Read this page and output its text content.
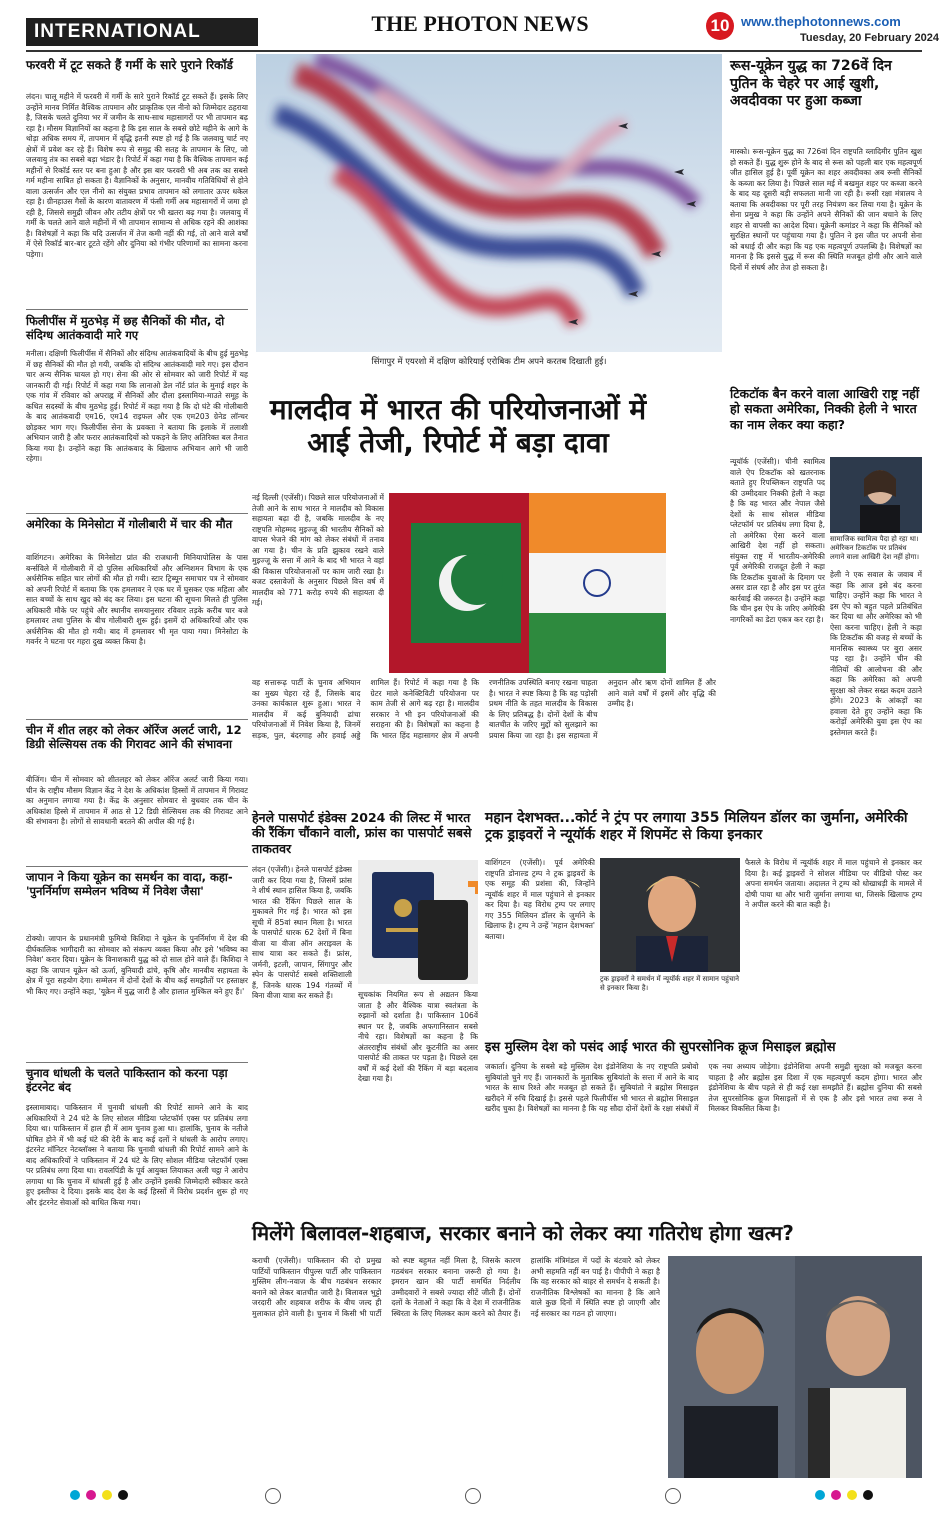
INTERNATIONAL	THE PHOTON NEWS	10 www.thephotonnews.com
Tuesday, 20 February 2024
फरवरी में टूट सकते हैं गर्मी के सारे पुराने रिकॉर्ड
लंदन। चालू महीने में फरवरी में गर्मी के सारे पुराने रिकॉर्ड टूट सकते हैं। इसके लिए उन्होंने मानव निर्मित वैश्विक तापमान और प्राकृतिक एल नीनो को जिम्मेदार ठहराया है, जिसके चलते दुनिया भर में जमीन के साथ-साथ महासागरों पर भी तापमान बढ़ रहा है। मौसम विज्ञानियों का कहना है कि इस साल के सबसे छोटे महीने के आगे के थोड़ा अधिक समय में, तापमान में वृद्धि इतनी स्पष्ट हो गई है कि जलवायु चार्ट नए क्षेत्रों में प्रवेश कर रहे हैं। विशेष रूप से समुद्र की सतह के तापमान के लिए, जो जलवायु तंत्र का सबसे बड़ा भंडार है। रिपोर्ट में कहा गया है कि वैश्विक तापमान कई महीनों से रिकॉर्ड स्तर पर बना हुआ है और इस बार फरवरी भी अब तक का सबसे गर्म महीना साबित हो सकता है। वैज्ञानिकों के अनुसार, मानवीय गतिविधियों से होने वाला उत्सर्जन और एल नीनो का संयुक्त प्रभाव तापमान को लगातार ऊपर धकेल रहा है। ग्रीनहाउस गैसों के कारण वातावरण में फंसी गर्मी अब महासागरों में जमा हो रही है, जिससे समुद्री जीवन और तटीय क्षेत्रों पर भी खतरा बढ़ गया है। जलवायु में गर्मी के चलते आने वाले महीनों में भी तापमान सामान्य से अधिक रहने की आशंका है। विशेषज्ञों ने कहा कि यदि उत्सर्जन में तेज कमी नहीं की गई, तो आने वाले वर्षों में ऐसे रिकॉर्ड बार-बार टूटते रहेंगे और दुनिया को गंभीर परिणामों का सामना करना पड़ेगा।
फिलीपींस में मुठभेड़ में छह सैनिकों की मौत, दो संदिग्ध आतंकवादी मारे गए
मनीला। दक्षिणी फिलीपींस में सैनिकों और संदिग्ध आतंकवादियों के बीच हुई मुठभेड़ में छह सैनिकों की मौत हो गयी, जबकि दो संदिग्ध आतंकवादी मारे गए। इस दौरान चार अन्य सैनिक घायल हो गए। सेना की ओर से सोमवार को जारी रिपोर्ट में यह जानकारी दी गई। रिपोर्ट में कहा गया कि लानाओ डेल नॉर्ट प्रांत के मुनाई शहर के एक गांव में रविवार को अपराह्न में सैनिकों और दौला इस्लामिया-माउते समूह के कथित सदस्यों के बीच मुठभेड़ हुई। रिपोर्ट में कहा गया है कि दो घंटे की गोलीबारी के बाद आतंकवादी एम16, एम14 राइफल और एक एम203 ग्रेनेड लॉन्चर छोड़कर भाग गए। फिलीपींस सेना के प्रवक्ता ने बताया कि इलाके में तलाशी अभियान जारी है और फरार आतंकवादियों को पकड़ने के लिए अतिरिक्त बल तैनात किया गया है। उन्होंने कहा कि आतंकवाद के खिलाफ अभियान आगे भी जारी रहेगा।
अमेरिका के मिनेसोटा में गोलीबारी में चार की मौत
वाशिंगटन। अमेरिका के मिनेसोटा प्रांत की राजधानी मिनियापोलिस के पास बर्न्सविले में गोलीबारी में दो पुलिस अधिकारियों और अग्निशमन विभाग के एक अर्धसैनिक सहित चार लोगों की मौत हो गयी। स्टार ट्रिब्यून समाचार पत्र ने सोमवार को अपनी रिपोर्ट में बताया कि एक हमलावर ने एक घर में घुसकर एक महिला और सात बच्चों के साथ खुद को बंद कर लिया। इस घटना की सूचना मिलते ही पुलिस अधिकारी मौके पर पहुंचे और स्थानीय समयानुसार रविवार तड़के करीब चार बजे हमलावर तथा पुलिस के बीच गोलीबारी शुरू हुई। इसमें दो अधिकारियों और एक अर्धसैनिक की मौत हो गयी। बाद में हमलावर भी मृत पाया गया। मिनेसोटा के गवर्नर ने घटना पर गहरा दुख व्यक्त किया है।
चीन में शीत लहर को लेकर ऑरेंज अलर्ट जारी, 12 डिग्री सेल्सियस तक की गिरावट आने की संभावना
बीजिंग। चीन में सोमवार को शीतलहर को लेकर ऑरेंज अलर्ट जारी किया गया। चीन के राष्ट्रीय मौसम विज्ञान केंद्र ने देश के अधिकांश हिस्सों में तापमान में गिरावट का अनुमान लगाया गया है। केंद्र के अनुसार सोमवार से बुधवार तक चीन के अधिकांश हिस्से में तापमान में आठ से 12 डिग्री सेल्सियस तक की गिरावट आने की संभावना है। लोगों से सावधानी बरतने की अपील की गई है।
जापान ने किया यूक्रेन का समर्थन का वादा, कहा- 'पुनर्निर्माण सम्मेलन भविष्य में निवेश जैसा'
टोक्यो। जापान के प्रधानमंत्री फुमियो किशिदा ने यूक्रेन के पुनर्निर्माण में देश की दीर्घकालिक भागीदारी का सोमवार को संकल्प व्यक्त किया और इसे 'भविष्य का निवेश' करार दिया। यूक्रेन के विनाशकारी युद्ध को दो साल होने वाले हैं। किशिदा ने कहा कि जापान यूक्रेन को ऊर्जा, बुनियादी ढांचे, कृषि और मानवीय सहायता के क्षेत्र में पूरा सहयोग देगा। सम्मेलन में दोनों देशों के बीच कई समझौतों पर हस्ताक्षर भी किए गए। उन्होंने कहा, 'यूक्रेन में युद्ध जारी है और हालात मुश्किल बने हुए हैं।'
चुनाव धांधली के चलते पाकिस्तान को करना पड़ा इंटरनेट बंद
इस्लामाबाद। पाकिस्तान में चुनावी धांधली की रिपोर्ट सामने आने के बाद अधिकारियों ने 24 घंटे के लिए सोशल मीडिया प्लेटफॉर्म एक्स पर प्रतिबंध लगा दिया था। पाकिस्तान में हाल ही में आम चुनाव हुआ था। हालांकि, चुनाव के नतीजे घोषित होने में भी कई घंटे की देरी के बाद कई दलों ने धांधली के आरोप लगाए। इंटरनेट मॉनिटर नेटब्लॉक्स ने बताया कि चुनावी धांधली की रिपोर्ट सामने आने के बाद अधिकारियों ने पाकिस्तान में 24 घंटे के लिए सोशल मीडिया प्लेटफॉर्म एक्स पर प्रतिबंध लगा दिया था। रावलपिंडी के पूर्व आयुक्त लियाकत अली चट्ठा ने आरोप लगाया था कि चुनाव में धांधली हुई है और उन्होंने इसकी जिम्मेदारी स्वीकार करते हुए इस्तीफा दे दिया। इसके बाद देश के कई हिस्सों में विरोध प्रदर्शन शुरू हो गए और इंटरनेट सेवाओं को बाधित किया गया।
सिंगापुर में एयरशो में दक्षिण कोरियाई एरोबिक टीम अपने करतब दिखाती हुई।
रूस-यूक्रेन युद्ध का 726वें दिन पुतिन के चेहरे पर आई खुशी, अवदीवका पर हुआ कब्जा
मास्को। रूस-यूक्रेन युद्ध का 726वां दिन राष्ट्रपति व्लादिमीर पुतिन खुश हो सकते हैं। युद्ध शुरू होने के बाद से रूस को पहली बार एक महत्वपूर्ण जीत हासिल हुई है। पूर्वी यूक्रेन का शहर अवदीवका अब रूसी सैनिकों के कब्जा कर लिया है। पिछले साल मई में बखमुत शहर पर कब्जा करने के बाद यह दूसरी बड़ी सफलता मानी जा रही है। रूसी रक्षा मंत्रालय ने बताया कि अवदीवका पर पूरी तरह नियंत्रण कर लिया गया है। यूक्रेन के सेना प्रमुख ने कहा कि उन्होंने अपने सैनिकों की जान बचाने के लिए शहर से वापसी का आदेश दिया। यूक्रेनी कमांडर ने कहा कि सैनिकों को सुरक्षित स्थानों पर पहुंचाया गया है। पुतिन ने इस जीत पर अपनी सेना को बधाई दी और कहा कि यह एक महत्वपूर्ण उपलब्धि है। विशेषज्ञों का मानना है कि इससे युद्ध में रूस की स्थिति मजबूत होगी और आने वाले दिनों में संघर्ष और तेज हो सकता है।
मालदीव में भारत की परियोजनाओं में आई तेजी, रिपोर्ट में बड़ा दावा
नई दिल्ली (एजेंसी)। पिछले साल परियोजनाओं में तेजी आने के साथ भारत ने मालदीव को विकास सहायता बढ़ा दी है, जबकि मालदीव के नए राष्ट्रपति मोहम्मद मुइज्जू की भारतीय सैनिकों को वापस भेजने की मांग को लेकर संबंधों में तनाव आ गया है। चीन के प्रति झुकाव रखने वाले मुइज्जू के सत्ता में आने के बाद भी भारत ने वहां की विकास परियोजनाओं पर काम जारी रखा है। बजट दस्तावेजों के अनुसार पिछले वित्त वर्ष में मालदीव को 771 करोड़ रुपये की सहायता दी गई।
वह सत्तारूढ़ पार्टी के चुनाव अभियान का मुख्य चेहरा रहे हैं, जिसके बाद उनका कार्यकाल शुरू हुआ। भारत ने मालदीव में कई बुनियादी ढांचा परियोजनाओं में निवेश किया है, जिनमें सड़क, पुल, बंदरगाह और हवाई अड्डे शामिल हैं। रिपोर्ट में कहा गया है कि ग्रेटर माले कनेक्टिविटी परियोजना पर काम तेजी से आगे बढ़ रहा है। मालदीव सरकार ने भी इन परियोजनाओं की सराहना की है। विशेषज्ञों का कहना है कि भारत हिंद महासागर क्षेत्र में अपनी रणनीतिक उपस्थिति बनाए रखना चाहता है। भारत ने स्पष्ट किया है कि वह पड़ोसी प्रथम नीति के तहत मालदीव के विकास के लिए प्रतिबद्ध है। दोनों देशों के बीच बातचीत के जरिए मुद्दों को सुलझाने का प्रयास किया जा रहा है। इस सहायता में अनुदान और ऋण दोनों शामिल हैं और आने वाले वर्षों में इसमें और वृद्धि की उम्मीद है।
टिकटॉक बैन करने वाला आखिरी राष्ट्र नहीं हो सकता अमेरिका, निक्की हेली ने भारत का नाम लेकर क्या कहा?
न्यूयॉर्क (एजेंसी)। चीनी स्वामित्व वाले ऐप टिकटॉक को खतरनाक बताते हुए रिपब्लिकन राष्ट्रपति पद की उम्मीदवार निक्की हेली ने कहा है कि वह भारत और नेपाल जैसे देशों के साथ सोशल मीडिया प्लेटफॉर्म पर प्रतिबंध लगा दिया है, तो अमेरिका ऐसा करने वाला आखिरी देश नहीं हो सकता। संयुक्त राष्ट्र में भारतीय-अमेरिकी पूर्व अमेरिकी राजदूत हेली ने कहा कि टिकटॉक युवाओं के दिमाग पर असर डाल रहा है और इस पर तुरंत कार्रवाई की जरूरत है। उन्होंने कहा कि चीन इस ऐप के जरिए अमेरिकी नागरिकों का डेटा एकत्र कर रहा है।
सामाजिक स्वामित्व पैदा हो रहा था। अमेरिकन टिकटॉक पर प्रतिबंध लगाने वाला आखिरी देश नहीं होगा।
हेली ने एक सवाल के जवाब में कहा कि आज इसे बंद करना चाहिए। उन्होंने कहा कि भारत ने इस ऐप को बहुत पहले प्रतिबंधित कर दिया था और अमेरिका को भी ऐसा करना चाहिए। हेली ने कहा कि टिकटॉक की वजह से बच्चों के मानसिक स्वास्थ्य पर बुरा असर पड़ रहा है। उन्होंने चीन की नीतियों की आलोचना की और कहा कि अमेरिका को अपनी सुरक्षा को लेकर सख्त कदम उठाने होंगे। 2023 के आंकड़ों का हवाला देते हुए उन्होंने कहा कि करोड़ों अमेरिकी युवा इस ऐप का इस्तेमाल करते हैं।
हेनले पासपोर्ट इंडेक्स 2024 की लिस्ट में भारत की रैंकिंग चौंकाने वाली, फ्रांस का पासपोर्ट सबसे ताकतवर
लंदन (एजेंसी)। हेनले पासपोर्ट इंडेक्स जारी कर दिया गया है, जिसमें फ्रांस ने शीर्ष स्थान हासिल किया है, जबकि भारत की रैंकिंग पिछले साल के मुकाबले गिर गई है। भारत को इस सूची में 85वां स्थान मिला है। भारत के पासपोर्ट धारक 62 देशों में बिना वीजा या वीजा ऑन अराइवल के साथ यात्रा कर सकते हैं। फ्रांस, जर्मनी, इटली, जापान, सिंगापुर और स्पेन के पासपोर्ट सबसे शक्तिशाली हैं, जिनके धारक 194 गंतव्यों में बिना वीजा यात्रा कर सकते हैं।	सूचकांक नियमित रूप से अद्यतन किया जाता है और वैश्विक यात्रा स्वतंत्रता के रुझानों को दर्शाता है। पाकिस्तान 106वें स्थान पर है, जबकि अफगानिस्तान सबसे नीचे रहा। विशेषज्ञों का कहना है कि अंतरराष्ट्रीय संबंधों और कूटनीति का असर पासपोर्ट की ताकत पर पड़ता है। पिछले दस वर्षों में कई देशों की रैंकिंग में बड़ा बदलाव देखा गया है।
महान देशभक्त...कोर्ट ने ट्रंप पर लगाया 355 मिलियन डॉलर का जुर्माना, अमेरिकी ट्रक ड्राइवरों ने न्यूयॉर्क शहर में शिपमेंट से किया इनकार
वाशिंगटन (एजेंसी)। पूर्व अमेरिकी राष्ट्रपति डोनाल्ड ट्रम्प ने ट्रक ड्राइवरों के एक समूह की प्रशंसा की, जिन्होंने न्यूयॉर्क शहर में माल पहुंचाने से इनकार कर दिया है। यह विरोध ट्रम्प पर लगाए गए 355 मिलियन डॉलर के जुर्माने के खिलाफ है। ट्रम्प ने उन्हें 'महान देशभक्त' बताया।
ट्रक ड्राइवरों ने समर्थन में न्यूयॉर्क शहर में सामान पहुंचाने से इनकार किया है।
फैसले के विरोध में न्यूयॉर्क शहर में माल पहुंचाने से इनकार कर दिया है। कई ड्राइवरों ने सोशल मीडिया पर वीडियो पोस्ट कर अपना समर्थन जताया। अदालत ने ट्रम्प को धोखाधड़ी के मामले में दोषी पाया था और भारी जुर्माना लगाया था, जिसके खिलाफ ट्रम्प ने अपील करने की बात कही है।
इस मुस्लिम देश को पसंद आई भारत की सुपरसोनिक क्रूज मिसाइल ब्रह्मोस
जकार्ता। दुनिया के सबसे बड़े मुस्लिम देश इंडोनेशिया के नए राष्ट्रपति प्रबोवो सुबियांतो चुने गए हैं। जानकारों के मुताबिक सुबियांतो के सत्ता में आने के बाद भारत के साथ रिश्ते और मजबूत हो सकते हैं। सुबियांतो ने ब्रह्मोस मिसाइल खरीदने में रुचि दिखाई है। इससे पहले फिलीपींस भी भारत से ब्रह्मोस मिसाइल खरीद चुका है। विशेषज्ञों का मानना है कि यह सौदा दोनों देशों के रक्षा संबंधों में एक नया अध्याय जोड़ेगा। इंडोनेशिया अपनी समुद्री सुरक्षा को मजबूत करना चाहता है और ब्रह्मोस इस दिशा में एक महत्वपूर्ण कदम होगा। भारत और इंडोनेशिया के बीच पहले से ही कई रक्षा समझौते हैं। ब्रह्मोस दुनिया की सबसे तेज सुपरसोनिक क्रूज मिसाइलों में से एक है और इसे भारत तथा रूस ने मिलकर विकसित किया है।
मिलेंगे बिलावल-शहबाज, सरकार बनाने को लेकर क्या गतिरोध होगा खत्म?
कराची (एजेंसी)। पाकिस्तान की दो प्रमुख पार्टियों पाकिस्तान पीपुल्स पार्टी और पाकिस्तान मुस्लिम लीग-नवाज के बीच गठबंधन सरकार बनाने को लेकर बातचीत जारी है। बिलावल भुट्टो जरदारी और शहबाज शरीफ के बीच जल्द ही मुलाकात होने वाली है। चुनाव में किसी भी पार्टी को स्पष्ट बहुमत नहीं मिला है, जिसके कारण गठबंधन सरकार बनाना जरूरी हो गया है। इमरान खान की पार्टी समर्थित निर्दलीय उम्मीदवारों ने सबसे ज्यादा सीटें जीती हैं। दोनों दलों के नेताओं ने कहा कि वे देश में राजनीतिक स्थिरता के लिए मिलकर काम करने को तैयार हैं। हालांकि मंत्रिमंडल में पदों के बंटवारे को लेकर अभी सहमति नहीं बन पाई है। पीपीपी ने कहा है कि वह सरकार को बाहर से समर्थन दे सकती है। राजनीतिक विश्लेषकों का मानना है कि आने वाले कुछ दिनों में स्थिति स्पष्ट हो जाएगी और नई सरकार का गठन हो जाएगा।
